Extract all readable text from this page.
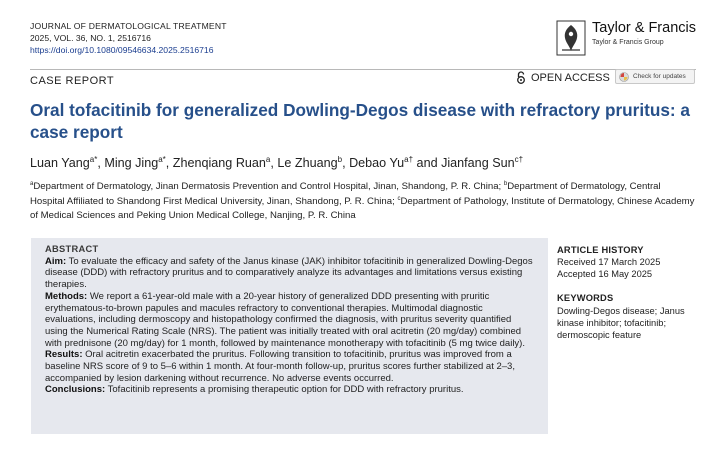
JOURNAL OF DERMATOLOGICAL TREATMENT
2025, VOL. 36, NO. 1, 2516716
https://doi.org/10.1080/09546634.2025.2516716
Taylor & Francis
Taylor & Francis Group
CASE REPORT	OPEN ACCESS	Check for updates
Oral tofacitinib for generalized Dowling-Degos disease with refractory pruritus: a case report
Luan Yang$^{a*}$, Ming Jing$^{a*}$, Zhenqiang Ruan$^a$, Le Zhuang$^b$, Debao $Yu^{a\dagger}$ and Jianfang Sun$^{c\dagger}$
$^a$Department of Dermatology, Jinan Dermatosis Prevention and Control Hospital, Jinan, Shandong, P. R. China; $^b$Department of Dermatology, Central Hospital Affiliated to Shandong First Medical University, Jinan, Shandong, P. R. China; $^c$Department of Pathology, Institute of Dermatology, Chinese Academy of Medical Sciences and Peking Union Medical College, Nanjing, P. R. China
ABSTRACT

Aim: To evaluate the efficacy and safety of the Janus kinase (JAK) inhibitor tofacitinib in generalized Dowling-Degos disease (DDD) with refractory pruritus and to comparatively analyze its advantages and limitations versus existing therapies.

Methods: We report a 61-year-old male with a 20-year history of generalized DDD presenting with pruritic erythematous-to-brown papules and macules refractory to conventional therapies. Multimodal diagnostic evaluations, including dermoscopy and histopathology confirmed the diagnosis, with pruritus severity quantified using the Numerical Rating Scale (NRS). The patient was initially treated with oral acitretin (20 mg/day) combined with prednisone (20 mg/day) for 1 month, followed by maintenance monotherapy with tofacitinib (5 mg twice daily).

Results: Oral acitretin exacerbated the pruritus. Following transition to tofacitinib, pruritus was improved from a baseline NRS score of 9 to 5–6 within 1 month. At four-month follow-up, pruritus scores further stabilized at 2–3, accompanied by lesion darkening without recurrence. No adverse events occurred.

Conclusions: Tofacitinib represents a promising therapeutic option for DDD with refractory pruritus.

ARTICLE HISTORY
Received 17 March 2025
Accepted 16 May 2025
KEYWORDS
Dowling-Degos disease; Janus kinase inhibitor; tofacitinib; dermoscopic feature
